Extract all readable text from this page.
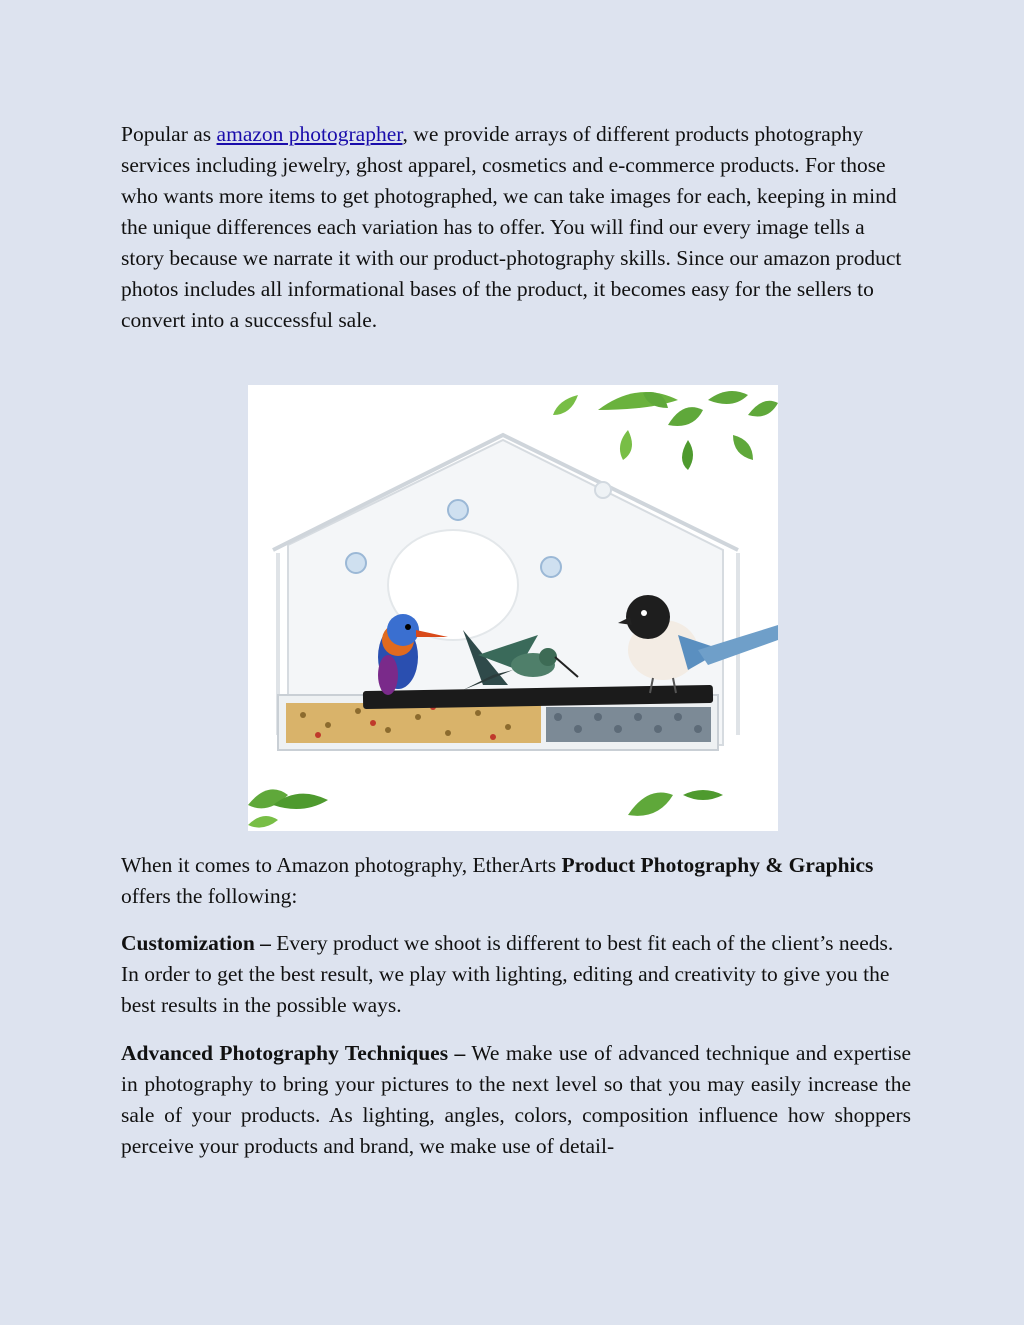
Popular as amazon photographer, we provide arrays of different products photography services including jewelry, ghost apparel, cosmetics and e-commerce products. For those who wants more items to get photographed, we can take images for each, keeping in mind the unique differences each variation has to offer. You will find our every image tells a story because we narrate it with our product-photography skills. Since our amazon product photos includes all informational bases of the product, it becomes easy for the sellers to convert into a successful sale.

When it comes to Amazon photography, EtherArts Product Photography & Graphics offers the following:

Customization – Every product we shoot is different to best fit each of the client’s needs. In order to get the best result, we play with lighting, editing and creativity to give you the best results in the possible ways.

Advanced Photography Techniques – We make use of advanced technique and expertise in photography to bring your pictures to the next level so that you may easily increase the sale of your products. As lighting, angles, colors, composition influence how shoppers perceive your products and brand, we make use of detail-
